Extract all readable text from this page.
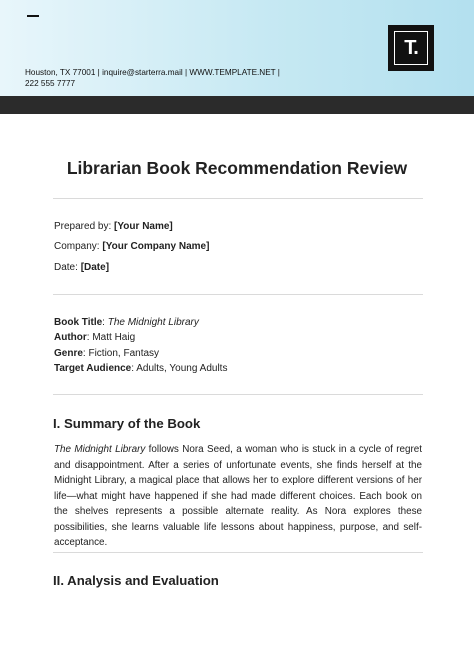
Houston, TX 77001 | inquire@starterra.mail | WWW.TEMPLATE.NET |
222 555 7777
T.
Librarian Book Recommendation Review
Prepared by: [Your Name]
Company: [Your Company Name]
Date: [Date]
Book Title: The Midnight Library
Author: Matt Haig
Genre: Fiction, Fantasy
Target Audience: Adults, Young Adults
I. Summary of the Book
The Midnight Library follows Nora Seed, a woman who is stuck in a cycle of regret and disappointment. After a series of unfortunate events, she finds herself at the Midnight Library, a magical place that allows her to explore different versions of her life—what might have happened if she had made different choices. Each book on the shelves represents a possible alternate reality. As Nora explores these possibilities, she learns valuable life lessons about happiness, purpose, and self-acceptance.
II. Analysis and Evaluation
